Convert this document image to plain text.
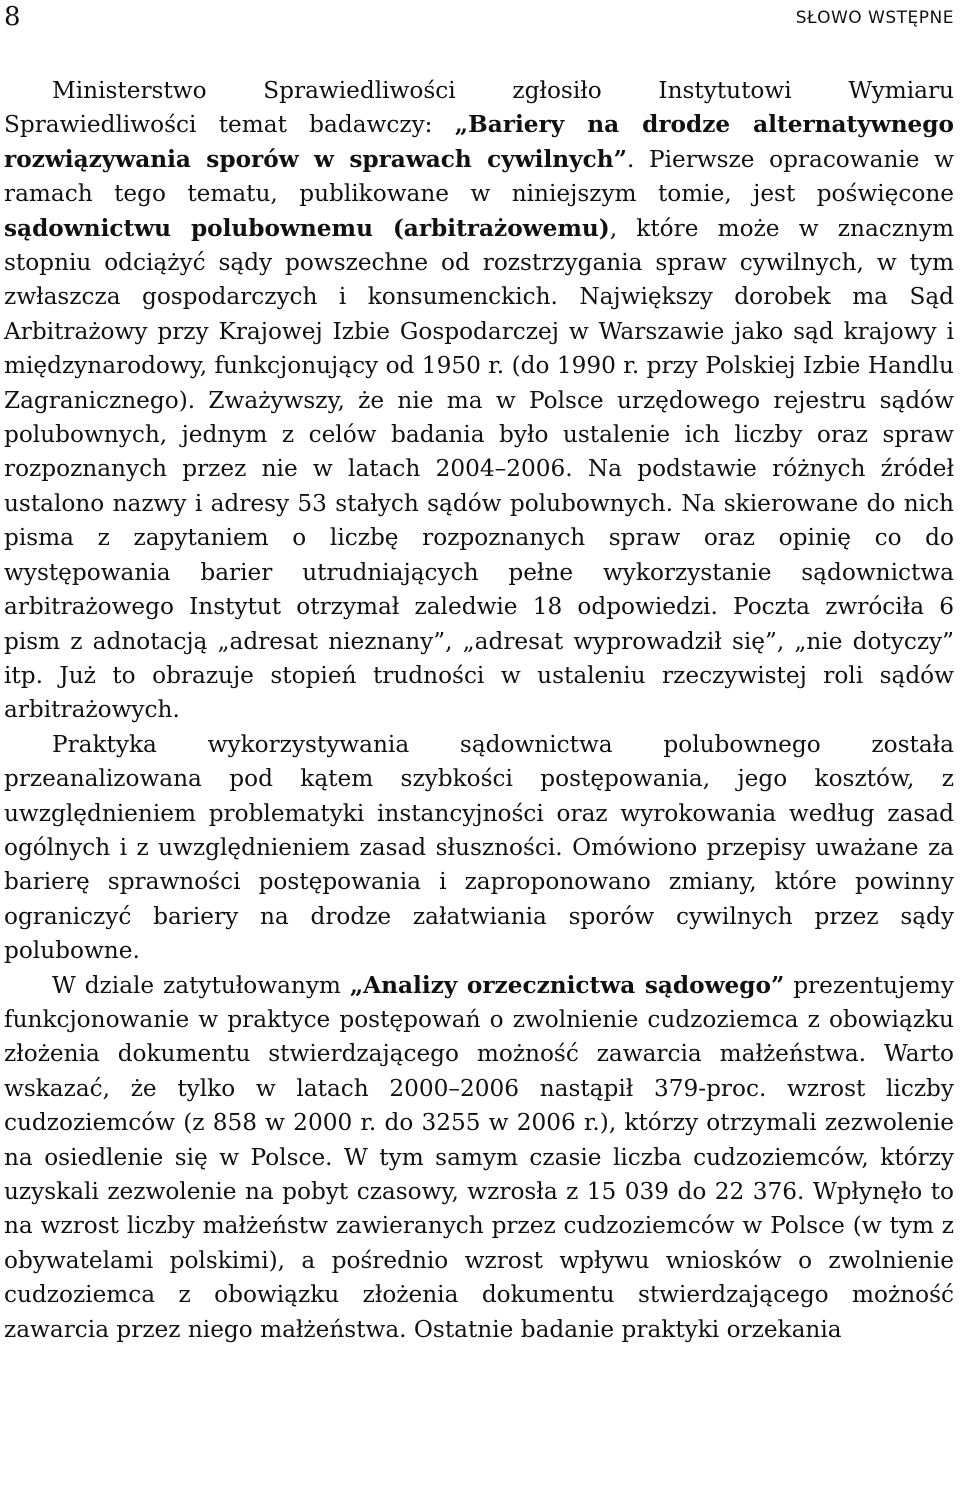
8	SŁOWO WSTĘPNE

Ministerstwo Sprawiedliwości zgłosiło Instytutowi Wymiaru Sprawiedliwości temat badawczy: „Bariery na drodze alternatywnego rozwiązywania sporów w sprawach cywilnych”. Pierwsze opracowanie w ramach tego tematu, publikowane w niniejszym tomie, jest poświęcone sądownictwu polubownemu (arbitrażowemu), które może w znacznym stopniu odciążyć sądy powszechne od rozstrzygania spraw cywilnych, w tym zwłaszcza gospodarczych i konsumenckich. Największy dorobek ma Sąd Arbitrażowy przy Krajowej Izbie Gospodarczej w Warszawie jako sąd krajowy i międzynarodowy, funkcjonujący od 1950 r. (do 1990 r. przy Polskiej Izbie Handlu Zagranicznego). Zważywszy, że nie ma w Polsce urzędowego rejestru sądów polubownych, jednym z celów badania było ustalenie ich liczby oraz spraw rozpoznanych przez nie w latach 2004–2006. Na podstawie różnych źródeł ustalono nazwy i adresy 53 stałych sądów polubownych. Na skierowane do nich pisma z zapytaniem o liczbę rozpoznanych spraw oraz opinię co do występowania barier utrudniających pełne wykorzystanie sądownictwa arbitrażowego Instytut otrzymał zaledwie 18 odpowiedzi. Poczta zwróciła 6 pism z adnotacją „adresat nieznany”, „adresat wyprowadził się”, „nie dotyczy” itp. Już to obrazuje stopień trudności w ustaleniu rzeczywistej roli sądów arbitrażowych.

Praktyka wykorzystywania sądownictwa polubownego została przeanalizowana pod kątem szybkości postępowania, jego kosztów, z uwzględnieniem problematyki instancyjności oraz wyrokowania według zasad ogólnych i z uwzględnieniem zasad słuszności. Omówiono przepisy uważane za barierę sprawności postępowania i zaproponowano zmiany, które powinny ograniczyć bariery na drodze załatwiania sporów cywilnych przez sądy polubowne.

W dziale zatytułowanym „Analizy orzecznictwa sądowego” prezentujemy funkcjonowanie w praktyce postępowań o zwolnienie cudzoziemca z obowiązku złożenia dokumentu stwierdzającego możność zawarcia małżeństwa. Warto wskazać, że tylko w latach 2000–2006 nastąpił 379-proc. wzrost liczby cudzoziemców (z 858 w 2000 r. do 3255 w 2006 r.), którzy otrzymali zezwolenie na osiedlenie się w Polsce. W tym samym czasie liczba cudzoziemców, którzy uzyskali zezwolenie na pobyt czasowy, wzrosła z 15 039 do 22 376. Wpłynęło to na wzrost liczby małżeństw zawieranych przez cudzoziemców w Polsce (w tym z obywatelami polskimi), a pośrednio wzrost wpływu wniosków o zwolnienie cudzoziemca z obowiązku złożenia dokumentu stwierdzającego możność zawarcia przez niego małżeństwa. Ostatnie badanie praktyki orzekania
